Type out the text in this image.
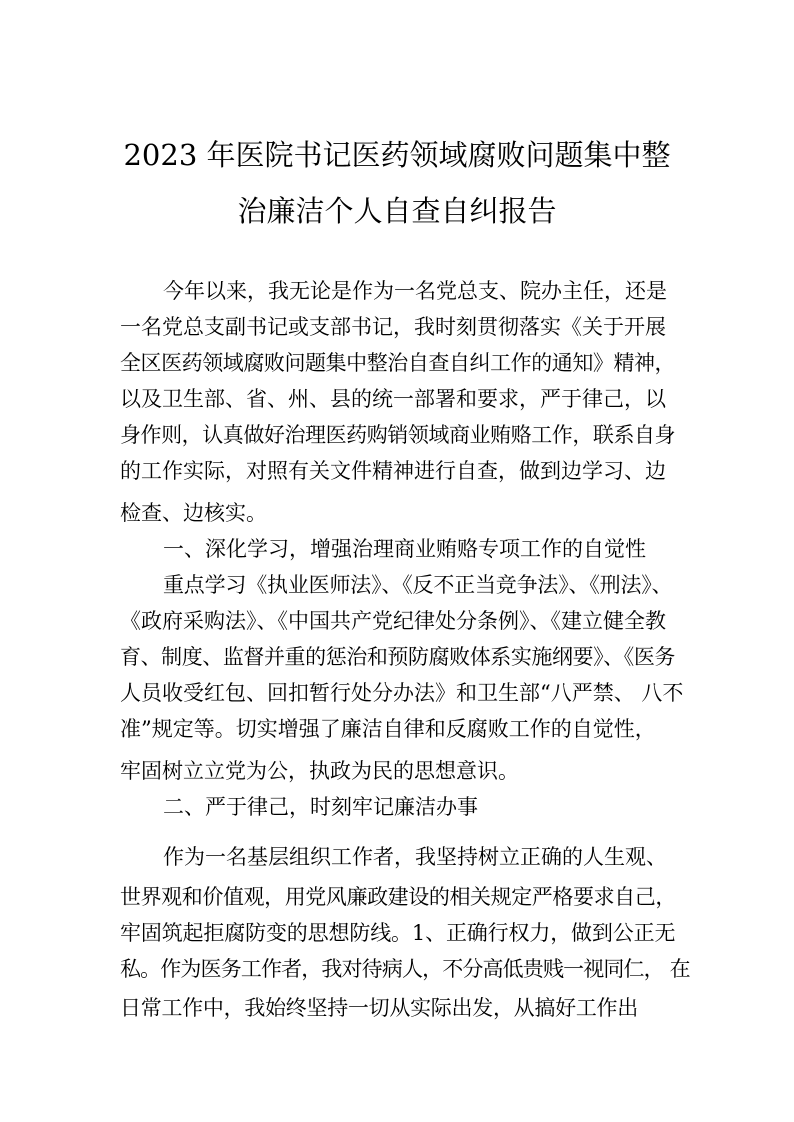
2023 年医院书记医药领域腐败问题集中整
治廉洁个人自查自纠报告
今年以来，我无论是作为一名党总支、院办主任，还是
一名党总支副书记或支部书记，我时刻贯彻落实《关于开展
全区医药领域腐败问题集中整治自查自纠工作的通知》精神，
以及卫生部、省、州、县的统一部署和要求，严于律己，以
身作则，认真做好治理医药购销领域商业贿赂工作，联系自身
的工作实际，对照有关文件精神进行自查，做到边学习、边
检查、边核实。
一、深化学习，增强治理商业贿赂专项工作的自觉性
重点学习《执业医师法》、《反不正当竞争法》、《刑法》、
《政府采购法》、《中国共产党纪律处分条例》、《建立健全教
育、制度、监督并重的惩治和预防腐败体系实施纲要》、《医务
人员收受红包、回扣暂行处分办法》和卫生部“八严禁、 八不
准”规定等。切实增强了廉洁自律和反腐败工作的自觉性，
牢固树立立党为公，执政为民的思想意识。
二、严于律己，时刻牢记廉洁办事
作为一名基层组织工作者，我坚持树立正确的人生观、
世界观和价值观，用党风廉政建设的相关规定严格要求自己，
牢固筑起拒腐防变的思想防线。1、正确行权力，做到公正无
私。作为医务工作者，我对待病人，不分高低贵贱一视同仁， 在
日常工作中，我始终坚持一切从实际出发，从搞好工作出
